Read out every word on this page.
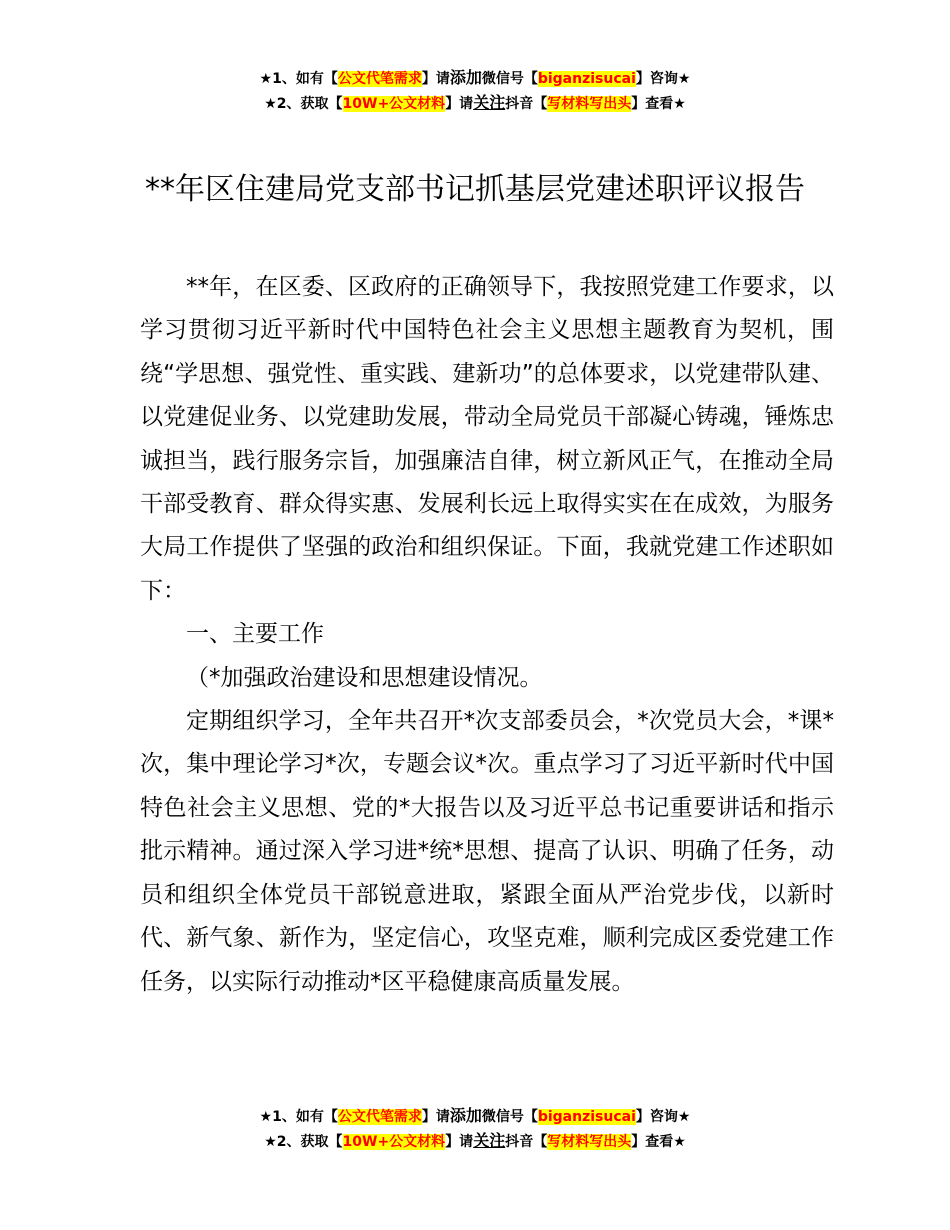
★1、如有【公文代笔需求】请添加微信号【biganzisucai】咨询★
★2、获取【10W+公文材料】请关注抖音【写材料写出头】查看★
**年区住建局党支部书记抓基层党建述职评议报告

**年，在区委、区政府的正确领导下，我按照党建工作要求，以学习贯彻习近平新时代中国特色社会主义思想主题教育为契机，围绕“学思想、强党性、重实践、建新功”的总体要求，以党建带队建、以党建促业务、以党建助发展，带动全局党员干部凝心铸魂，锤炼忠诚担当，践行服务宗旨，加强廉洁自律，树立新风正气，在推动全局干部受教育、群众得实惠、发展利长远上取得实实在在成效，为服务大局工作提供了坚强的政治和组织保证。下面，我就党建工作述职如下：

一、主要工作

（*加强政治建设和思想建设情况。

定期组织学习，全年共召开*次支部委员会，*次党员大会，*课*次，集中理论学习*次，专题会议*次。重点学习了习近平新时代中国特色社会主义思想、党的*大报告以及习近平总书记重要讲话和指示批示精神。通过深入学习进*统*思想、提高了认识、明确了任务，动员和组织全体党员干部锐意进取，紧跟全面从严治党步伐，以新时代、新气象、新作为，坚定信心，攻坚克难，顺利完成区委党建工作任务，以实际行动推动*区平稳健康高质量发展。

★1、如有【公文代笔需求】请添加微信号【biganzisucai】咨询★
★2、获取【10W+公文材料】请关注抖音【写材料写出头】查看★
